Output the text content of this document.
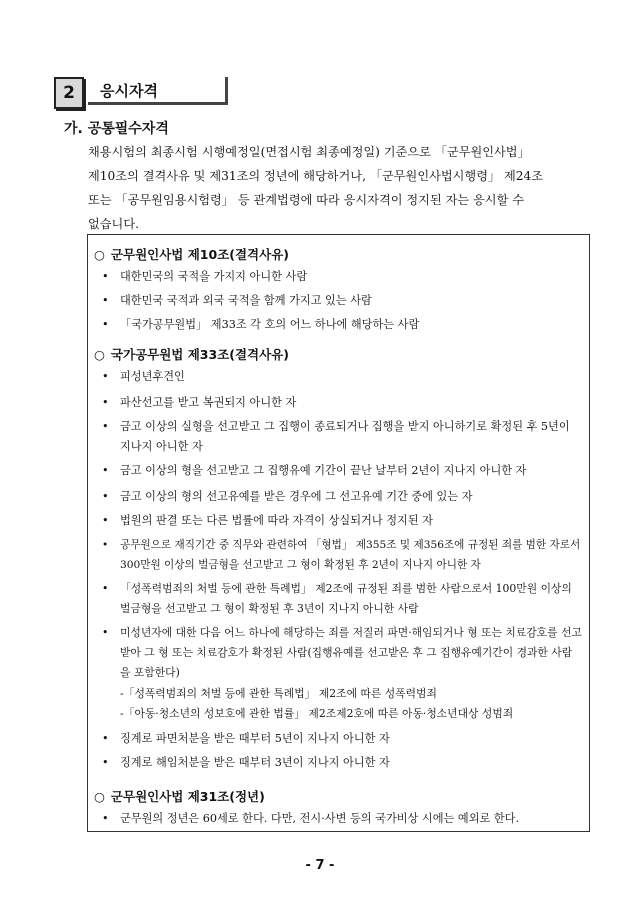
2	응시자격
가. 공통필수자격
채용시험의 최종시험 시행예정일(면접시험 최종예정일) 기준으로 「군무원인사법」
제10조의 결격사유 및 제31조의 정년에 해당하거나, 「군무원인사법시행령」 제24조
또는 「공무원임용시험령」 등 관계법령에 따라 응시자격이 정지된 자는 응시할 수
없습니다.
○ 군무원인사법 제10조(결격사유)
• 대한민국의 국적을 가지지 아니한 사람
• 대한민국 국적과 외국 국적을 함께 가지고 있는 사람
• 「국가공무원법」 제33조 각 호의 어느 하나에 해당하는 사람
○ 국가공무원법 제33조(결격사유)
• 피성년후견인
• 파산선고를 받고 복권되지 아니한 자
• 금고 이상의 실형을 선고받고 그 집행이 종료되거나 집행을 받지 아니하기로 확정된 후 5년이 지나지 아니한 자
• 금고 이상의 형을 선고받고 그 집행유예 기간이 끝난 날부터 2년이 지나지 아니한 자
• 금고 이상의 형의 선고유예를 받은 경우에 그 선고유예 기간 중에 있는 자
• 법원의 판결 또는 다른 법률에 따라 자격이 상실되거나 정지된 자
• 공무원으로 재직기간 중 직무와 관련하여 「형법」 제355조 및 제356조에 규정된 죄를 범한 자로서 300만원 이상의 벌금형을 선고받고 그 형이 확정된 후 2년이 지나지 아니한 자
• 「성폭력범죄의 처벌 등에 관한 특례법」 제2조에 규정된 죄를 범한 사람으로서 100만원 이상의 벌금형을 선고받고 그 형이 확정된 후 3년이 지나지 아니한 사람
• 미성년자에 대한 다음 어느 하나에 해당하는 죄를 저질러 파면·해임되거나 형 또는 치료감호를 선고받아 그 형 또는 치료감호가 확정된 사람(집행유예를 선고받은 후 그 집행유예기간이 경과한 사람을 포함한다)
-「성폭력범죄의 처벌 등에 관한 특례법」 제2조에 따른 성폭력범죄
-「아동·청소년의 성보호에 관한 법률」 제2조제2호에 따른 아동·청소년대상 성범죄
• 징계로 파면처분을 받은 때부터 5년이 지나지 아니한 자
• 징계로 해임처분을 받은 때부터 3년이 지나지 아니한 자
○ 군무원인사법 제31조(정년)
• 군무원의 정년은 60세로 한다. 다만, 전시·사변 등의 국가비상 시에는 예외로 한다.
- 7 -
